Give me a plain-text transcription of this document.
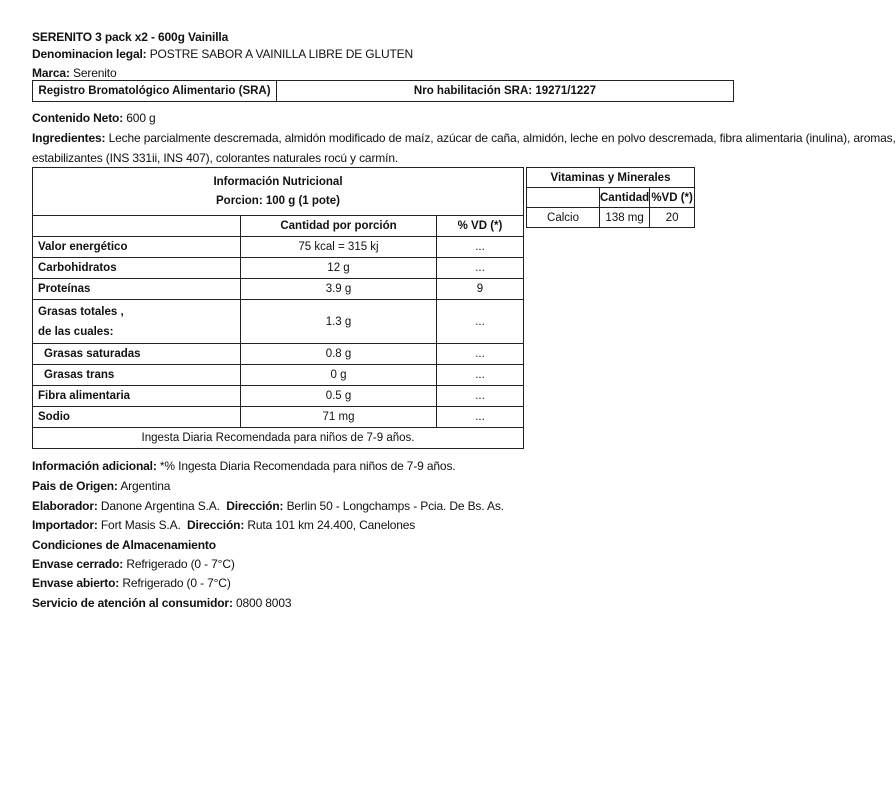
SERENITO 3 pack x2 - 600g Vainilla
Denominacion legal: POSTRE SABOR A VAINILLA LIBRE DE GLUTEN
Marca: Serenito
Registro Bromatológico Alimentario (SRA)	Nro habilitación SRA: 19271/1227
Contenido Neto: 600 g
Ingredientes: Leche parcialmente descremada, almidón modificado de maíz, azúcar de caña, almidón, leche en polvo descremada, fibra alimentaria (inulina), aromas,
estabilizantes (INS 331ii, INS 407), colorantes naturales rocú y carmín.
Información Nutricional
Porcion: 100 g (1 pote)		

	Cantidad por porción	% VD (*)
Valor energético	75 kcal = 315 kj	...
Carbohidratos	12 g	...
Proteínas	3.9 g	9

Grasas totales ,
de las cuales:	1.3 g	...
Grasas saturadas	0.8 g	...
Grasas trans	0 g	...
Fibra alimentaria	0.5 g	...
Sodio	71 mg	...
Ingesta Diaria Recomendada para niños de 7-9 años.		
Vitaminas y Minerales		
	Cantidad	%VD (*)
Calcio	138 mg	20
Información adicional: *% Ingesta Diaria Recomendada para niños de 7-9 años.
Pais de Origen: Argentina
Elaborador: Danone Argentina S.A. Dirección: Berlin 50 - Longchamps - Pcia. De Bs. As.
Importador: Fort Masis S.A. Dirección: Ruta 101 km 24.400, Canelones
Condiciones de Almacenamiento
Envase cerrado: Refrigerado (0 - 7°C)
Envase abierto: Refrigerado (0 - 7°C)
Servicio de atención al consumidor: 0800 8003
